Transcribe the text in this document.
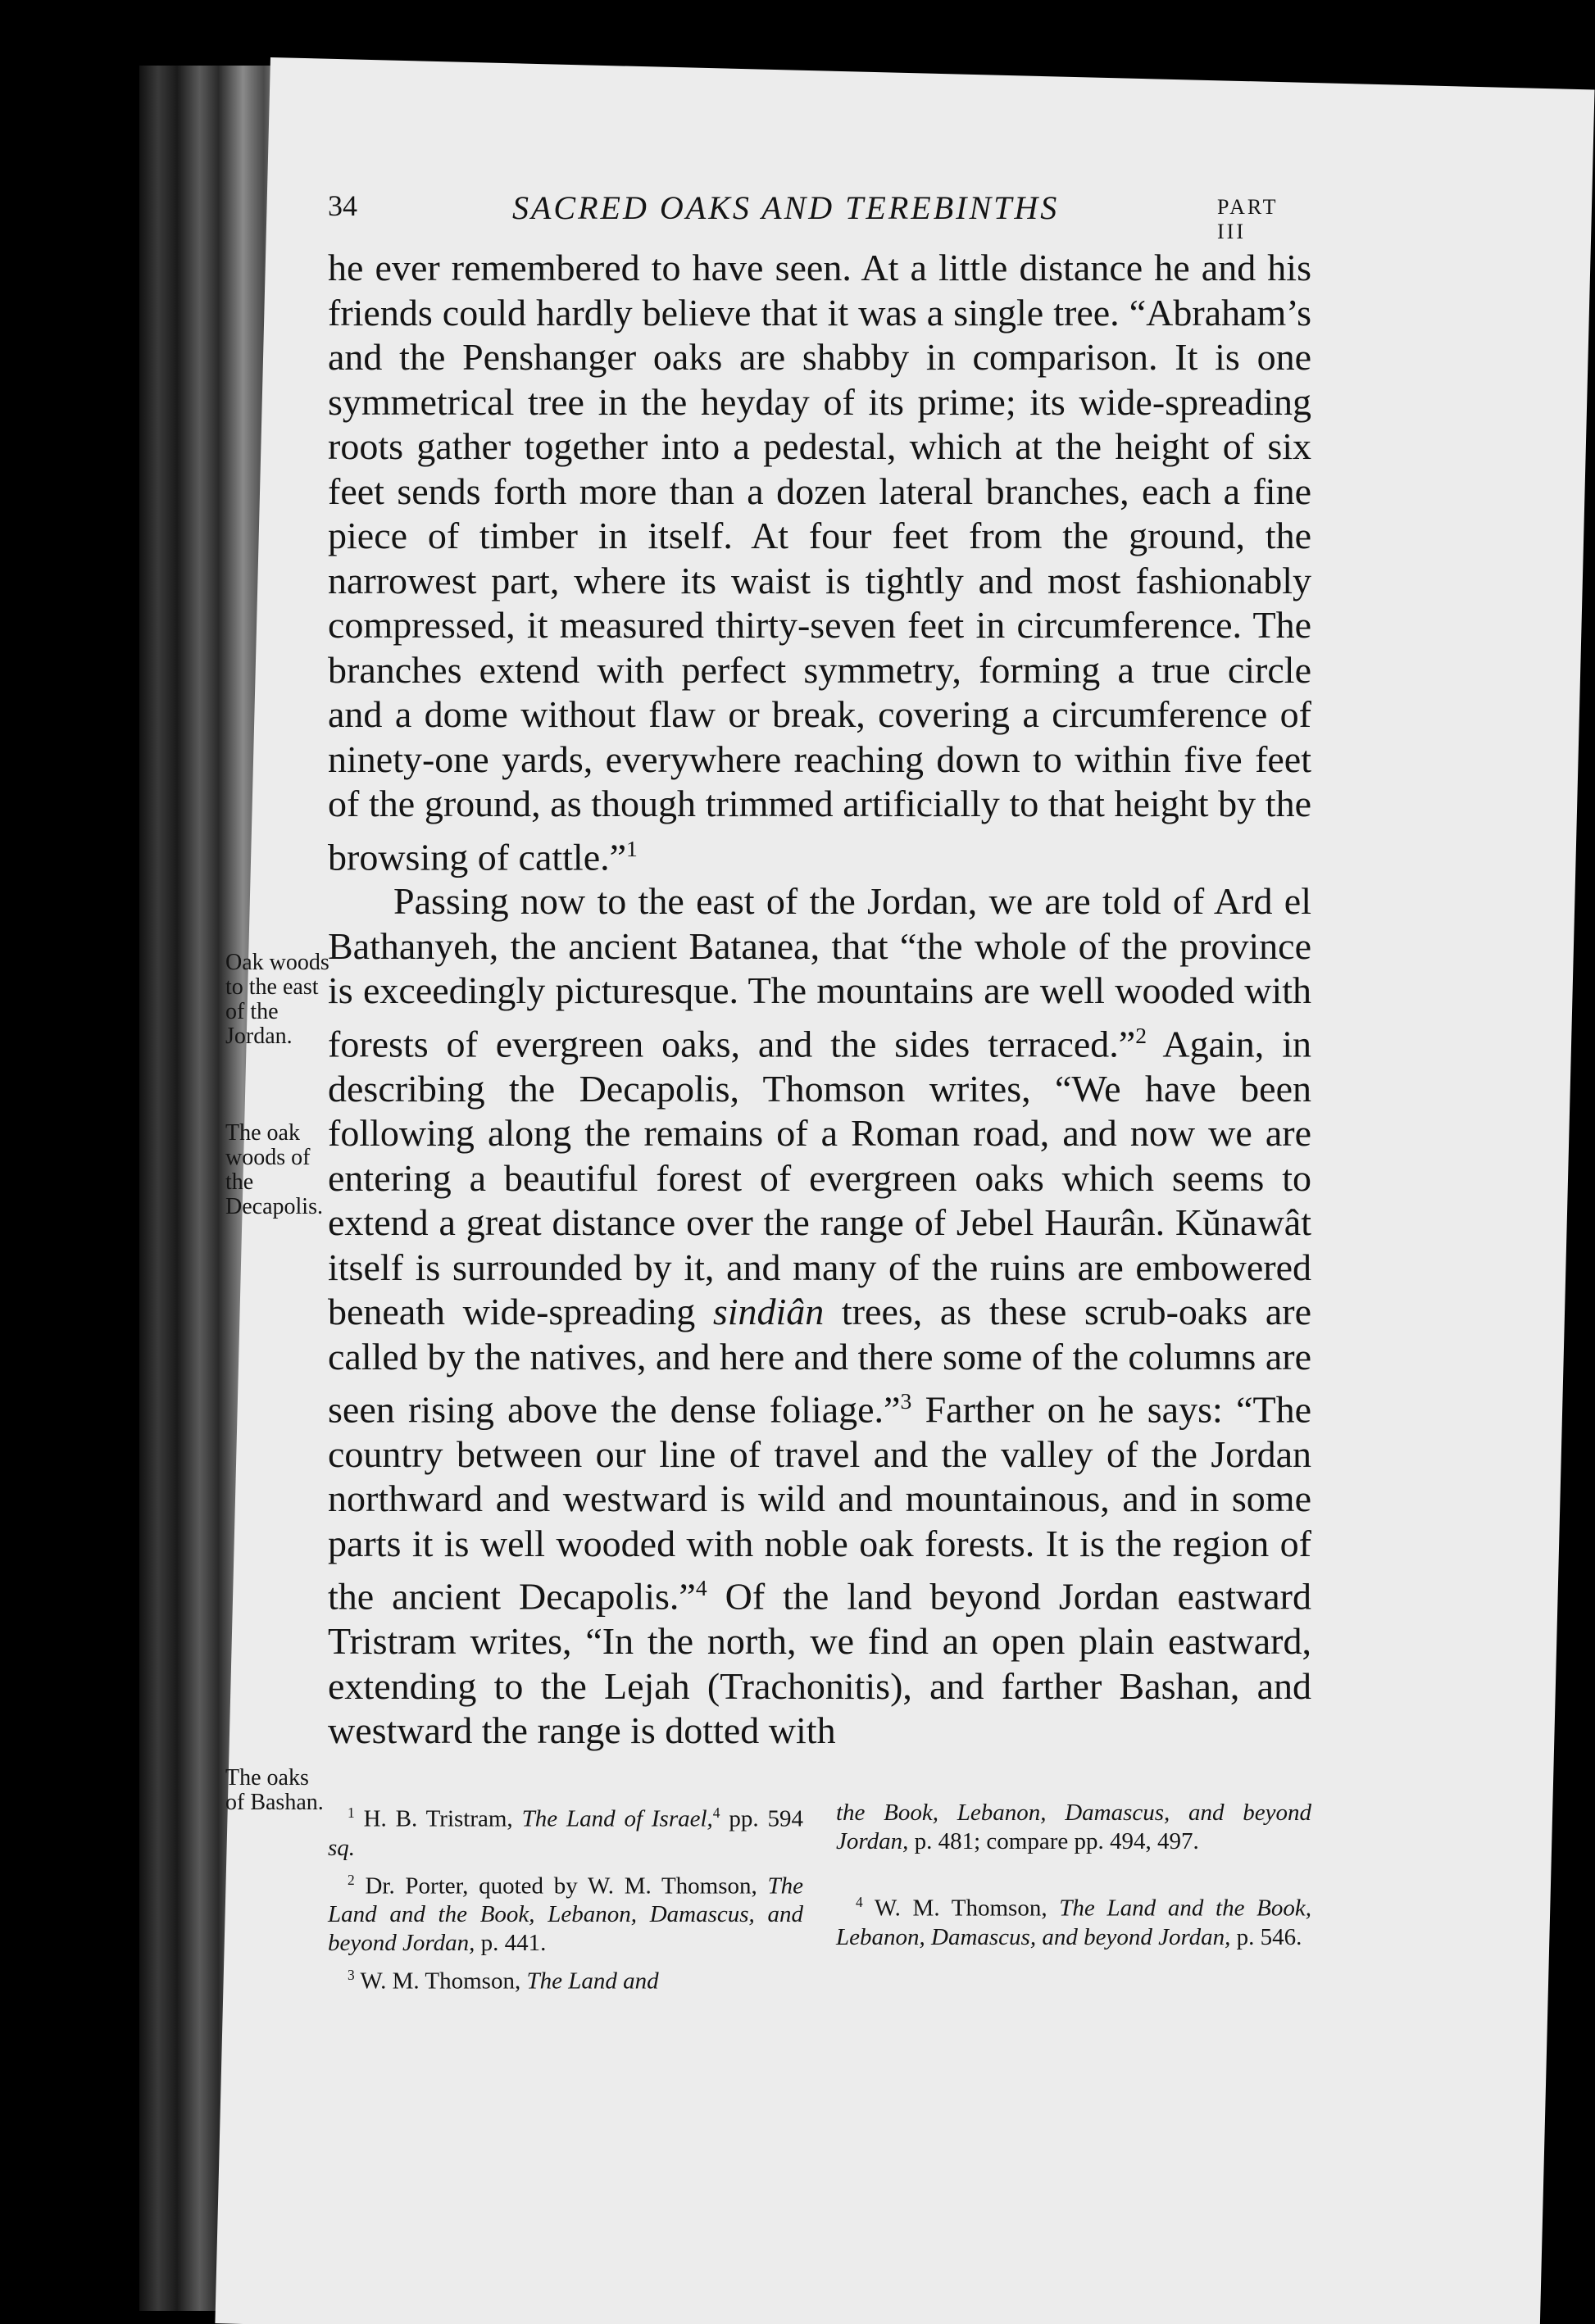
34	SACRED OAKS AND TEREBINTHS	PART III

he ever remembered to have seen. At a little distance he and his friends could hardly believe that it was a single tree. “Abraham’s and the Penshanger oaks are shabby in comparison. It is one symmetrical tree in the heyday of its prime; its wide-spreading roots gather together into a pedestal, which at the height of six feet sends forth more than a dozen lateral branches, each a fine piece of timber in itself. At four feet from the ground, the narrowest part, where its waist is tightly and most fashionably compressed, it measured thirty-seven feet in circumference. The branches extend with perfect symmetry, forming a true circle and a dome without flaw or break, covering a circumference of ninety-one yards, everywhere reaching down to within five feet of the ground, as though trimmed artificially to that height by the browsing of cattle.”$^1$

Passing now to the east of the Jordan, we are told of Ard el Bathanyeh, the ancient Batanea, that “the whole of the province is exceedingly picturesque. The mountains are well wooded with forests of evergreen oaks, and the sides terraced.”$^2$ Again, in describing the Decapolis, Thomson writes, “We have been following along the remains of a Roman road, and now we are entering a beautiful forest of evergreen oaks which seems to extend a great distance over the range of Jebel Haurân. Kŭnawât itself is surrounded by it, and many of the ruins are embowered beneath wide-spreading sindiân trees, as these scrub-oaks are called by the natives, and here and there some of the columns are seen rising above the dense foliage.”$^3$ Farther on he says: “The country between our line of travel and the valley of the Jordan northward and westward is wild and mountainous, and in some parts it is well wooded with noble oak forests. It is the region of the ancient Decapolis.”$^4$ Of the land beyond Jordan eastward Tristram writes, “In the north, we find an open plain eastward, extending to the Lejah (Trachonitis), and farther Bashan, and westward the range is dotted with

Oak woods to the east of the Jordan.
The oak woods of the Decapolis.
The oaks of Bashan.	$^1$ H. B. Tristram, The Land of Israel,$^4$ pp. 594 sq.

$^2$ Dr. Porter, quoted by W. M. Thomson, The Land and the Book, Lebanon, Damascus, and beyond Jordan, p. 441.

$^3$ W. M. Thomson, The Land and

the Book, Lebanon, Damascus, and beyond Jordan, p. 481; compare pp. 494, 497.

$^4$ W. M. Thomson, The Land and the Book, Lebanon, Damascus, and beyond Jordan, p. 546.
